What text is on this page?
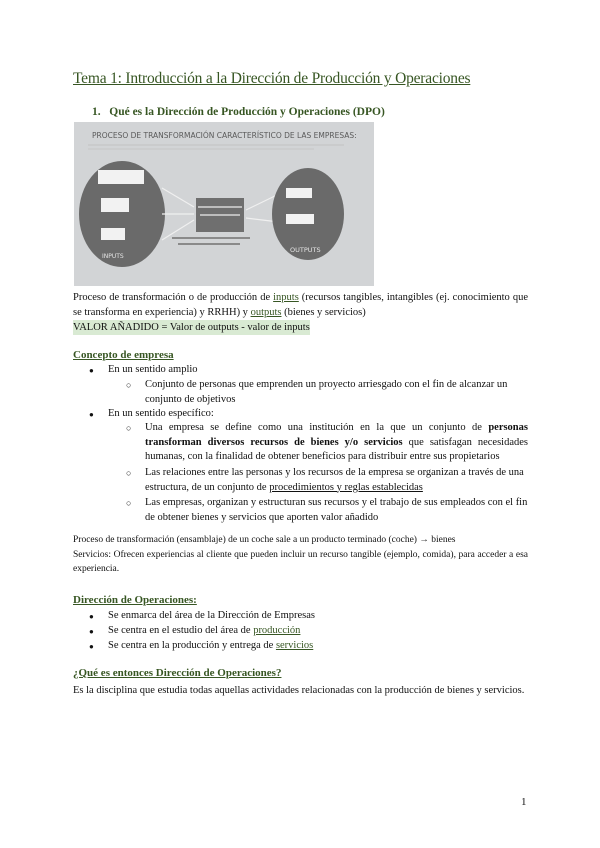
Tema 1: Introducción a la Dirección de Producción y Operaciones
1. Qué es la Dirección de Producción y Operaciones (DPO)
PROCESO DE TRANSFORMACIÓN CARACTERÍSTICO DE LAS EMPRESAS:
INPUTS
OUTPUTS
Proceso de transformación o de producción de inputs (recursos tangibles, intangibles (ej. conocimiento que se transforma en experiencia) y RRHH) y outputs (bienes y servicios)
VALOR AÑADIDO = Valor de outputs - valor de inputs
Concepto de empresa
● En un sentido amplio
○ Conjunto de personas que emprenden un proyecto arriesgado con el fin de alcanzar un conjunto de objetivos
● En un sentido específico:
○ Una empresa se define como una institución en la que un conjunto de personas transforman diversos recursos de bienes y/o servicios que satisfagan necesidades humanas, con la finalidad de obtener beneficios para distribuir entre sus propietarios
○ Las relaciones entre las personas y los recursos de la empresa se organizan a través de una estructura, de un conjunto de procedimientos y reglas establecidas
○ Las empresas, organizan y estructuran sus recursos y el trabajo de sus empleados con el fin de obtener bienes y servicios que aporten valor añadido
Proceso de transformación (ensamblaje) de un coche sale a un producto terminado (coche) → bienes
Servicios: Ofrecen experiencias al cliente que pueden incluir un recurso tangible (ejemplo, comida), para acceder a esa experiencia.
Dirección de Operaciones:
● Se enmarca del área de la Dirección de Empresas
● Se centra en el estudio del área de producción
● Se centra en la producción y entrega de servicios
¿Qué es entonces Dirección de Operaciones?
Es la disciplina que estudia todas aquellas actividades relacionadas con la producción de bienes y servicios.
1
